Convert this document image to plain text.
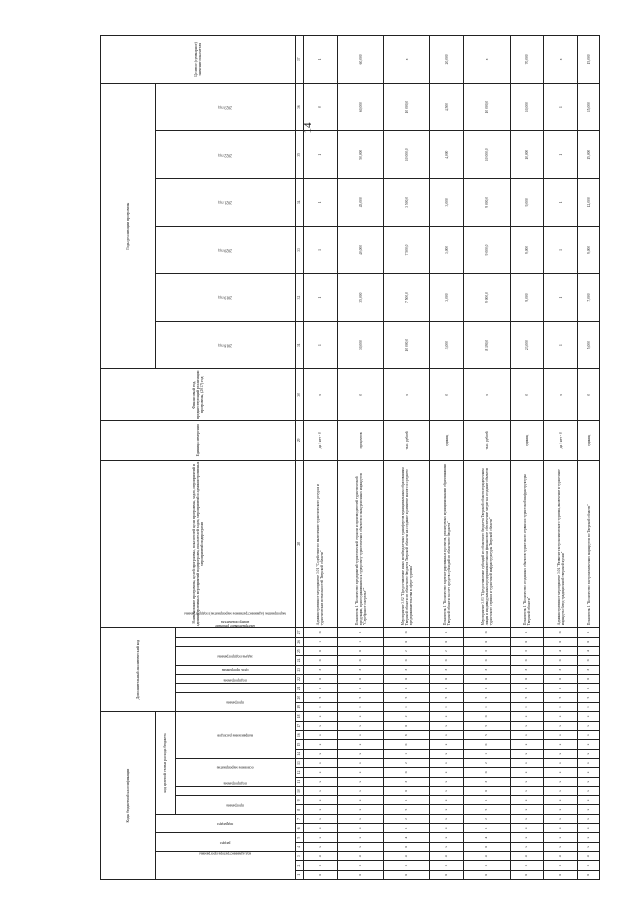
14
Коды бюджетной классификации																		Дополнительный аналитический код									Наименование программы, целей программы, показателей цели программы, задач, мероприятий и административных мероприятий подпрограмм, показателей задач, мероприятий и административных мероприятий подпрограмм	Единица измерения	Финансовый год, предшествующий реализации программы, (2017) год	Годы реализации программы						Целевое (суммарное) значение показателя
код администратора программы			раздел		подраздел		код целевой статьи расхода бюджета																							2018 год	2019 год	2020 год	2021 год	2022 год	2023 год	
							программа		подпрограмма	основное мероприятие			направление расходов					программа		подпрограмма	цель программы	задача подпрограммы	мероприятие (административное мероприятие) подпрограммы		альтернативное решение	номер показателя										
1	2	3	4	5	6	7	8	9	10	11	12	13	14	15	16	17	18	19	20	21	22	23	24	25	26	27	28	29	30	31	32	33	34	35	36	37
0	1	4	х	х	х	х	х	х	х	х	х	х	х	х	х	х	х	1	5	1	0	3	0	0	1	0	Административное мероприятие 3.01 "Содействие по включению туристического ресурса и туристических возможностей Тверской области"	да / нет - 0	х	1	1	1	1	1	0	1
0	1	4	х	х	х	х	х	х	х	х	х	х	х	х	х	х	х	1	5	1	0	3	0	0	1	1	Показатель 1 "Количество предприятий туристической отрасли и производителей туристической продукции, присоединившихся к турпроекту туристических объектов и экскурсионных маршрутов "Серебряное ожерелье""	процентов	0	30,000	35,000	40,000	45,000	50,000	60,000	60,000
0	1	4	0	4	1	2	5	1	0	3	0	2	1	0	6	0	2	1	5	1	0	3	0	2	0	0	Мероприятие 3.02 "Предоставление иных межбюджетных трансфертов муниципальным образованиям Тверской области из областного бюджета Тверской области на создание и развитие малого и среднего предпринимательства в сфере туризма"	тыс. рублей	х	10 000,0	7 500,0	7 500,0	3 500,0	10 000,0	10 000,0	х
0	1	4	х	х	х	х	х	х	х	х	х	х	х	х	х	х	х	1	5	1	0	3	0	2	0	1	Показатель 1 "Количество зарегистрированных проектов, реализуемых муниципальными образованиями Тверской области за счет средств субсидий из областного бюджета"	единиц	0	3,000	3,000	3,000	3,000	4,000	4,500	20,000
0	1	4	0	4	1	2	5	1	0	3	0	2	1	0	5	5	0	1	5	1	0	3	0	3	0	0	Мероприятие 3.03 "Предоставление субсидий из областного бюджета Тверской области юридическим лицам и индивидуальным предпринимателям на финансовое обеспечение затрат на создание объектов туристского сервиса и туристской инфраструктуры Тверской области"	тыс. рублей	х	8 190,0	9 000,0	9 000,0	9 000,0	10 000,0	10 000,0	х
0	1	4	х	х	х	х	х	х	х	х	х	х	х	х	х	х	х	1	5	1	0	3	0	3	0	1	Показатель 1 "Количество созданных объектов туристского сервиса и туристской инфраструктуры Тверской области"	единиц	0	23,000	9,000	9,000	9,000	10,000	10,000	70,000
0	1	4	х	х	х	х	х	х	х	х	х	х	х	х	х	х	х	1	5	1	0	3	0	4	0	0	Административное мероприятие 3.04 "Развитие гастрономического туризма, включение в туристские маршруты блюд традиционной тверской кухни"	да / нет - 0	х	1	1	1	1	1	1	х
0	1	4	х	х	х	х	х	х	х	х	х	х	х	х	х	х	х	1	5	1	0	3	0	4	0	1	Показатель 1 "Количество гастрономических маршрутов по Тверской области"	единиц	0	5,000	7,000	9,000	12,000	15,000	15,000	15,000
